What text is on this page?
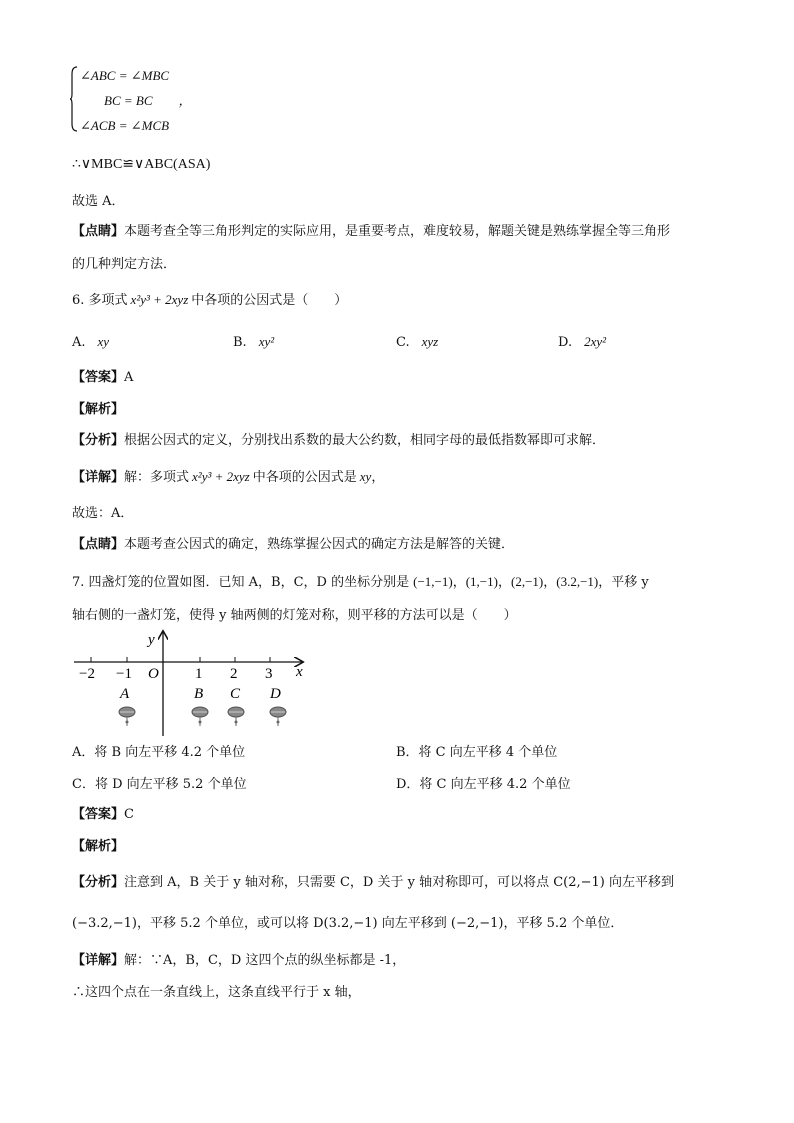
∠ABC = ∠MBC
BC = BC ，
∠ACB = ∠MCB
∴∨MBC≌∨ABC(ASA)
故选 A．
【点睛】本题考查全等三角形判定的实际应用，是重要考点，难度较易，解题关键是熟练掌握全等三角形
的几种判定方法．
6. 多项式 x²y³ + 2xyz 中各项的公因式是（　　）
A. xy	B. xy²	C. xyz	D. 2xy²
【答案】A
【解析】
【分析】根据公因式的定义，分别找出系数的最大公约数，相同字母的最低指数幂即可求解．
【详解】解：多项式 x²y³ + 2xyz 中各项的公因式是 xy，
故选：A．
【点睛】本题考查公因式的确定，熟练掌握公因式的确定方法是解答的关键．
7. 四盏灯笼的位置如图．已知 A，B，C，D 的坐标分别是 (−1,−1)，(1,−1)，(2,−1)，(3.2,−1)，平移 y
轴右侧的一盏灯笼，使得 y 轴两侧的灯笼对称，则平移的方法可以是（　　）
y
x
O
−2 −1	1 2 3
A	B C D
A．将 B 向左平移 4.2 个单位	B．将 C 向左平移 4 个单位
C．将 D 向左平移 5.2 个单位	D．将 C 向左平移 4.2 个单位
【答案】C
【解析】
【分析】注意到 A，B 关于 y 轴对称，只需要 C，D 关于 y 轴对称即可，可以将点 C(2,−1) 向左平移到
(−3.2,−1)，平移 5.2 个单位，或可以将 D(3.2,−1) 向左平移到 (−2,−1)，平移 5.2 个单位．
【详解】解：∵A，B，C，D 这四个点的纵坐标都是 -1，
∴这四个点在一条直线上，这条直线平行于 x 轴，
